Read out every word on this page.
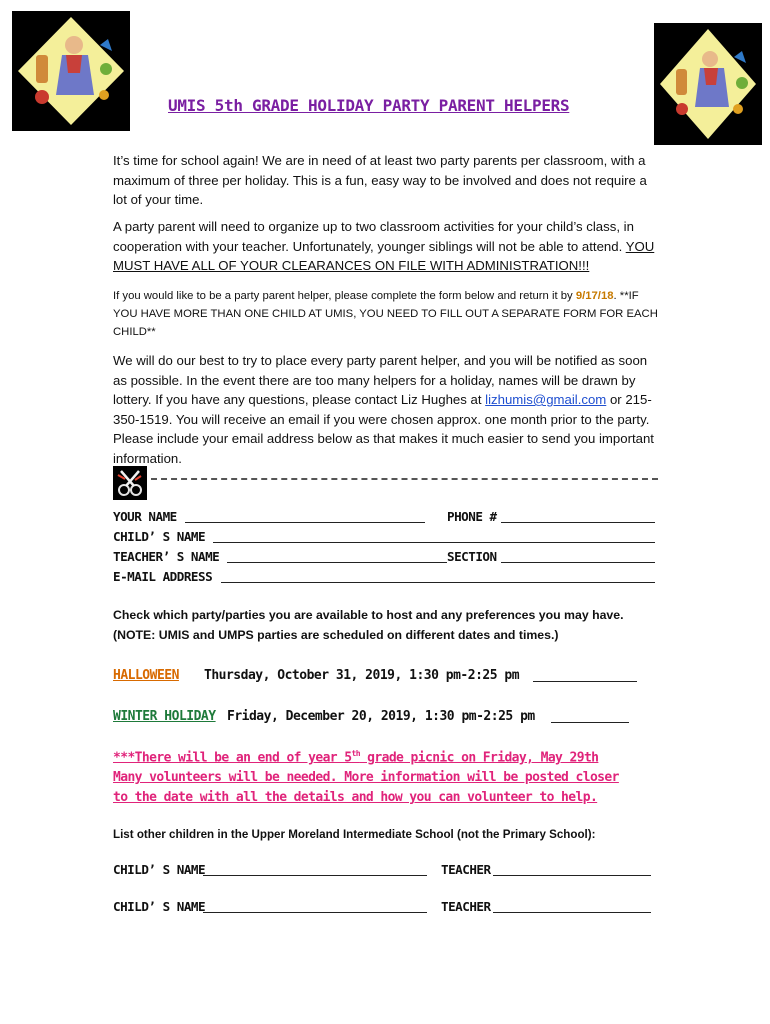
UMIS 5th GRADE HOLIDAY PARTY PARENT HELPERS

It’s time for school again! We are in need of at least two party parents per classroom, with a maximum of three per holiday. This is a fun, easy way to be involved and does not require a lot of your time.

A party parent will need to organize up to two classroom activities for your child’s class, in cooperation with your teacher. Unfortunately, younger siblings will not be able to attend. YOU MUST HAVE ALL OF YOUR CLEARANCES ON FILE WITH ADMINISTRATION!!!

If you would like to be a party parent helper, please complete the form below and return it by 9/17/18. **IF YOU HAVE MORE THAN ONE CHILD AT UMIS, YOU NEED TO FILL OUT A SEPARATE FORM FOR EACH CHILD**

We will do our best to try to place every party parent helper, and you will be notified as soon as possible. In the event there are too many helpers for a holiday, names will be drawn by lottery. If you have any questions, please contact Liz Hughes at lizhumis@gmail.com or 215-350-1519. You will receive an email if you were chosen approx. one month prior to the party. Please include your email address below as that makes it much easier to send you important information.

YOUR NAME	PHONE #
CHILD’ S NAME
TEACHER’ S NAME	SECTION
E-MAIL ADDRESS

Check which party/parties you are available to host and any preferences you may have.

(NOTE: UMIS and UMPS parties are scheduled on different dates and times.)

HALLOWEEN Thursday, October 31, 2019, 1:30 pm-2:25 pm
WINTER HOLIDAY Friday, December 20, 2019, 1:30 pm-2:25 pm
***There will be an end of year 5th grade picnic on Friday, May 29th
Many volunteers will be needed. More information will be posted closer
to the date with all the details and how you can volunteer to help.

List other children in the Upper Moreland Intermediate School (not the Primary School):

CHILD’ S NAME	TEACHER
CHILD’ S NAME	TEACHER
